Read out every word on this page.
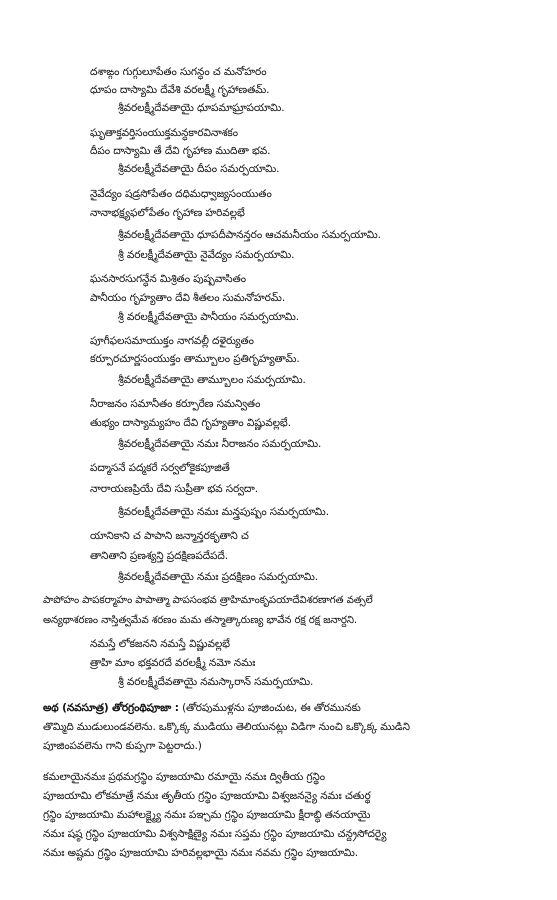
దశాఙ్గం గుగ్గులూపేతం సుగన్ధం చ మనోహరం
ధూపం దాస్యామి దేవేశి వరలక్ష్మీ గృహాణతమ్.
శ్రీవరలక్ష్మీదేవతాయై ధూపమాఘ్రాపయామి.
ఘృతాక్తవర్తిసంయుక్తమన్ధకారవినాశకం
దీపం దాస్యామి తే దేవి గృహాణ ముదితా భవ.
శ్రీవరలక్ష్మీదేవతాయై దీపం సమర్పయామి.
నైవేద్యం షడ్రసోపేతం దధిమధ్వాజ్యసంయుతం
నానాభక్ష్యఫలోపేతం గృహాణ హరివల్లభే
శ్రీవరలక్ష్మీదేవతాయై ధూపదీపానన్తరం ఆచమనీయం సమర్పయామి.
శ్రీ వరలక్ష్మీదేవతాయై నైవేద్యం సమర్పయామి.
ఘనసారసుగన్ధేన మిశ్రితం పుష్పవాసితం
పానీయం గృహ్యతాం దేవి శీతలం సుమనోహరమ్.
శ్రీ వరలక్ష్మీదేవతాయై పానీయం సమర్పయామి.
పూగీఫలసమాయుక్తం నాగవల్లీ దళైర్యుతం
కర్పూరచూర్ణసంయుక్తం తామ్బూలం ప్రతిగృహ్యతామ్.
శ్రీవరలక్ష్మీదేవతాయై తామ్బూలం సమర్పయామి.
నీరాజనం సమానీతం కర్పూరేణ సమన్వితం
తుభ్యం దాస్యామ్యహం దేవి గృహ్యతాం విష్ణువల్లభే.
శ్రీవరలక్ష్మీదేవతాయై నమః నీరాజనం సమర్పయామి.
పద్మాసనే పద్మకరే సర్వలోకైకపూజితే
నారాయణప్రియే దేవి సుప్రీతా భవ సర్వదా.
శ్రీవరలక్ష్మీదేవతాయై నమః మన్త్రపుష్పం సమర్పయామి.
యానికాని చ పాపాని జన్మాన్తరకృతాని చ
తానితాని ప్రణశ్యన్తి ప్రదక్షిణపదేపదే.
శ్రీవరలక్ష్మీదేవతాయై నమః ప్రదక్షిణం సమర్పయామి.
పాపోహం పాపకర్మాహం పాపాత్మా పాపసంభవ త్రాహిమాంకృపయాదేవిశరణాగత వత్సలే
అన్యథాశరణం నాస్తిత్వమేవ శరణం మమ తస్మాత్కారుణ్య భావేన రక్ష రక్ష జనార్దని.
నమస్తే లోకజనని నమస్తే విష్ణువల్లభే
త్రాహి మాం భక్తవరదే వరలక్ష్మీ నమో నమః
శ్రీ వరలక్ష్మీదేవతాయై నమస్కారాన్ సమర్పయామి.
అథ (నవసూత్ర) తోరగ్రంథిపూజా : (తోరపుముళ్లను పూజించుట, ఈ తోరమునకు
తొమ్మిది ముడులుండవలెను. ఒక్కొక్క ముడియు తెలియునట్లు విడిగా నుంచి ఒక్కొక్క ముడిని
పూజింపవలెను గాని కుప్పగా పెట్టరాదు.)
కమలాయైనమః ప్రథమగ్రన్థిం పూజయామి రమాయై నమః ద్వితీయ గ్రన్థిం
పూజయామి లోకమాత్రే నమః తృతీయ గ్రన్థిం పూజయామి విశ్వజనన్యై నమః చతుర్థ
గ్రన్థిం పూజయామి మహాలక్ష్మ్యై నమః పఞ్చమ గ్రన్థిం పూజయామి క్షీరాబ్ధి తనయాయై
నమః షష్ఠ గ్రన్థిం పూజయామి విశ్వసాక్షిణ్యై నమః సప్తమ గ్రన్థిం పూజయామి చన్ద్రసోదర్యై
నమః అష్టమ గ్రన్థిం పూజయామి హరివల్లభాయై నమః నవమ గ్రన్థిం పూజయామి.
